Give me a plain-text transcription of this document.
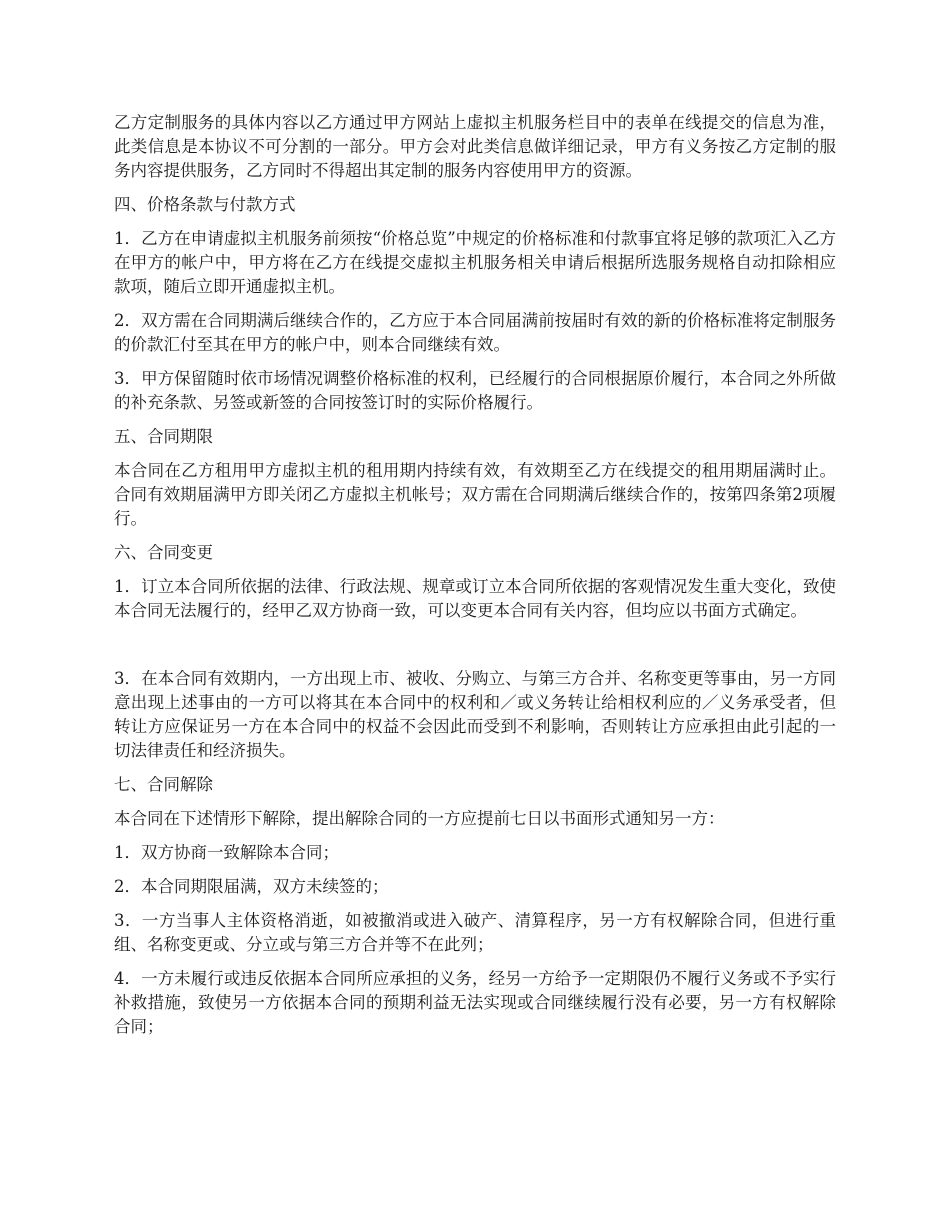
乙方定制服务的具体内容以乙方通过甲方网站上虚拟主机服务栏目中的表单在线提交的信息为准，此类信息是本协议不可分割的一部分。甲方会对此类信息做详细记录，甲方有义务按乙方定制的服务内容提供服务，乙方同时不得超出其定制的服务内容使用甲方的资源。

四、价格条款与付款方式

1．乙方在申请虚拟主机服务前须按“价格总览”中规定的价格标准和付款事宜将足够的款项汇入乙方在甲方的帐户中，甲方将在乙方在线提交虚拟主机服务相关申请后根据所选服务规格自动扣除相应款项，随后立即开通虚拟主机。

2．双方需在合同期满后继续合作的，乙方应于本合同届满前按届时有效的新的价格标准将定制服务的价款汇付至其在甲方的帐户中，则本合同继续有效。

3．甲方保留随时依市场情况调整价格标准的权利，已经履行的合同根据原价履行，本合同之外所做的补充条款、另签或新签的合同按签订时的实际价格履行。

五、合同期限

本合同在乙方租用甲方虚拟主机的租用期内持续有效，有效期至乙方在线提交的租用期届满时止。合同有效期届满甲方即关闭乙方虚拟主机帐号；双方需在合同期满后继续合作的，按第四条第2项履行。

六、合同变更

1．订立本合同所依据的法律、行政法规、规章或订立本合同所依据的客观情况发生重大变化，致使本合同无法履行的，经甲乙双方协商一致，可以变更本合同有关内容，但均应以书面方式确定。

3．在本合同有效期内，一方出现上市、被收、分购立、与第三方合并、名称变更等事由，另一方同意出现上述事由的一方可以将其在本合同中的权利和／或义务转让给相权利应的／义务承受者，但转让方应保证另一方在本合同中的权益不会因此而受到不利影响，否则转让方应承担由此引起的一切法律责任和经济损失。

七、合同解除

本合同在下述情形下解除，提出解除合同的一方应提前七日以书面形式通知另一方：

1．双方协商一致解除本合同；

2．本合同期限届满，双方未续签的；

3．一方当事人主体资格消逝，如被撤消或进入破产、清算程序，另一方有权解除合同，但进行重组、名称变更或、分立或与第三方合并等不在此列；

4．一方未履行或违反依据本合同所应承担的义务，经另一方给予一定期限仍不履行义务或不予实行补救措施，致使另一方依据本合同的预期利益无法实现或合同继续履行没有必要，另一方有权解除合同；
